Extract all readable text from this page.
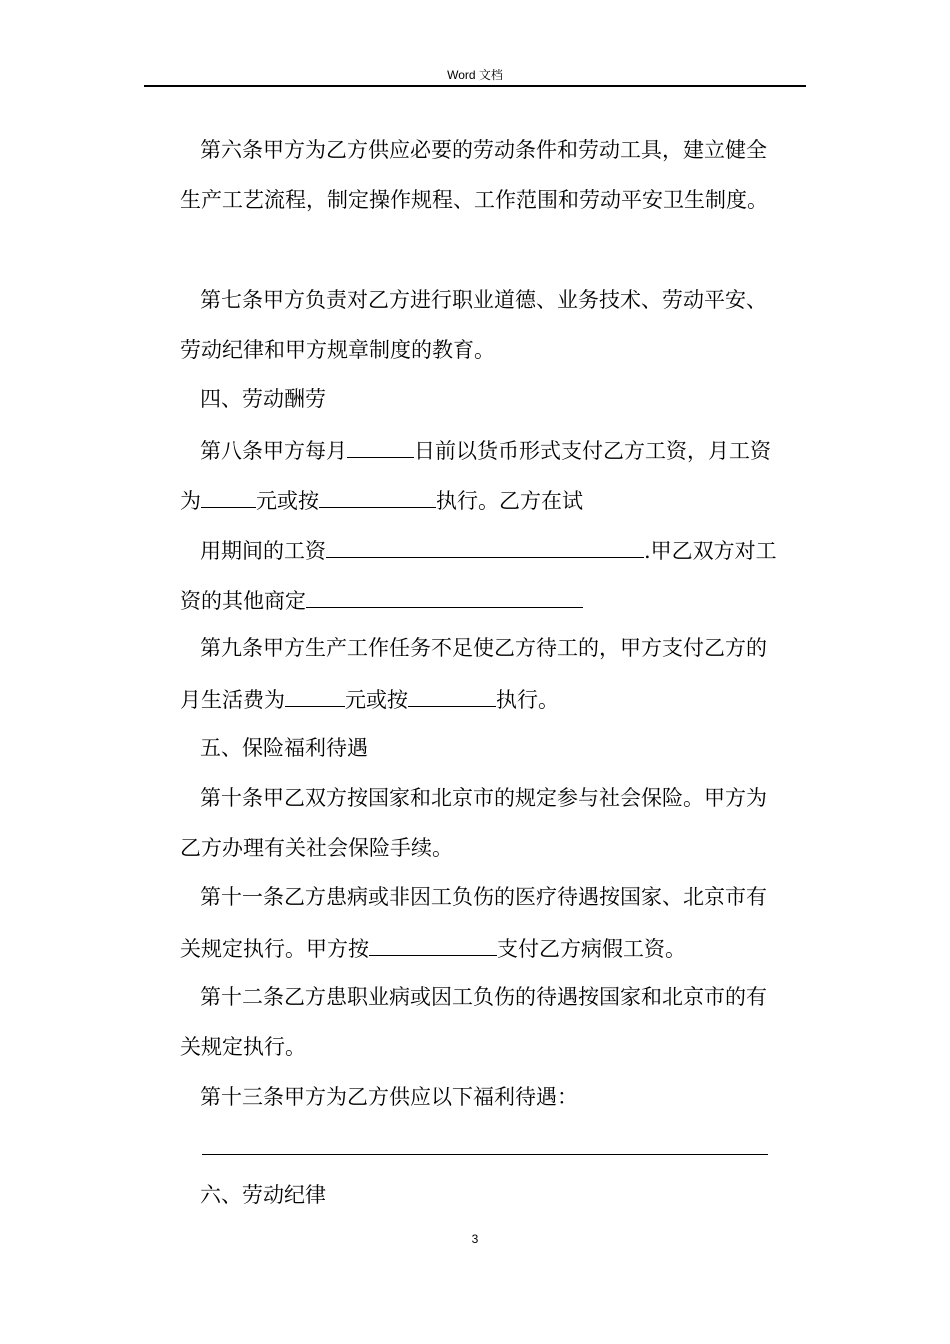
Word 文档
第六条甲方为乙方供应必要的劳动条件和劳动工具，建立健全
生产工艺流程，制定操作规程、工作范围和劳动平安卫生制度。
第七条甲方负责对乙方进行职业道德、业务技术、劳动平安、
劳动纪律和甲方规章制度的教育。
四、劳动酬劳
第八条甲方每月	日前以货币形式支付乙方工资，月工资
为	元或按	执行。乙方在试
用期间的工资	.甲乙双方对工
资的其他商定
第九条甲方生产工作任务不足使乙方待工的，甲方支付乙方的
月生活费为	元或按	执行。
五、保险福利待遇
第十条甲乙双方按国家和北京市的规定参与社会保险。甲方为
乙方办理有关社会保险手续。
第十一条乙方患病或非因工负伤的医疗待遇按国家、北京市有
关规定执行。甲方按	支付乙方病假工资。
第十二条乙方患职业病或因工负伤的待遇按国家和北京市的有
关规定执行。
第十三条甲方为乙方供应以下福利待遇：
六、劳动纪律
3
